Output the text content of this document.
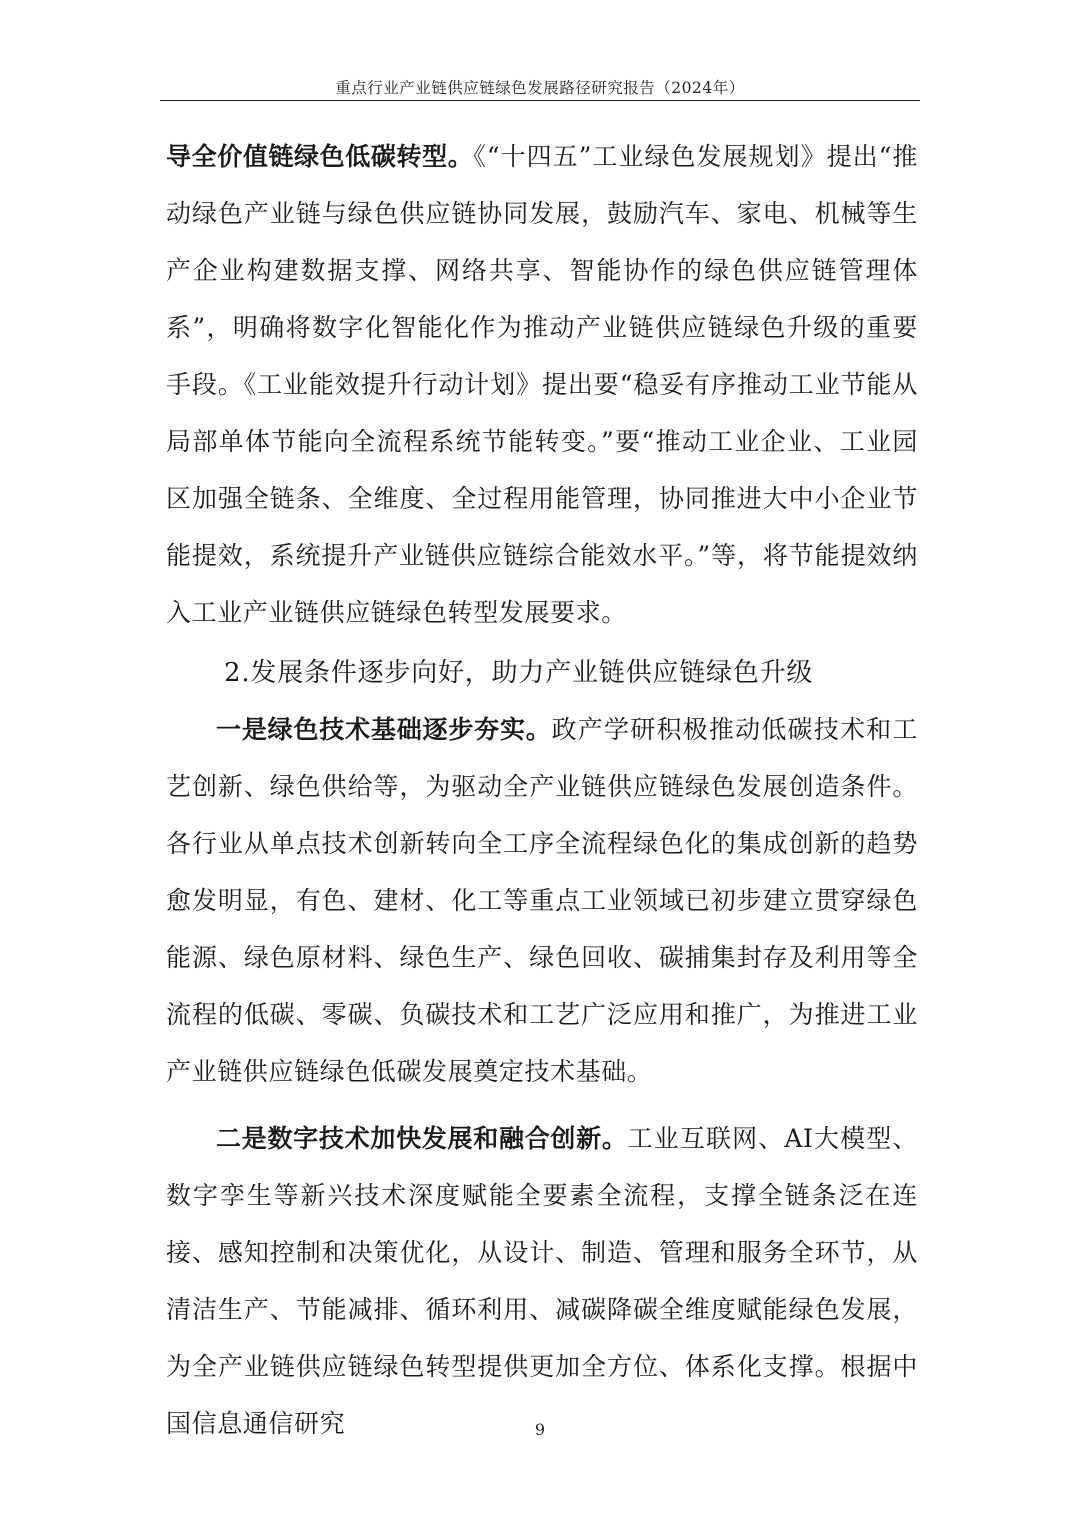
重点行业产业链供应链绿色发展路径研究报告（2024年）

导全价值链绿色低碳转型。《“十四五”工业绿色发展规划》提出“推动绿色产业链与绿色供应链协同发展，鼓励汽车、家电、机械等生产企业构建数据支撑、网络共享、智能协作的绿色供应链管理体系”，明确将数字化智能化作为推动产业链供应链绿色升级的重要手段。《工业能效提升行动计划》提出要“稳妥有序推动工业节能从局部单体节能向全流程系统节能转变。”要“推动工业企业、工业园区加强全链条、全维度、全过程用能管理，协同推进大中小企业节能提效，系统提升产业链供应链综合能效水平。”等，将节能提效纳入工业产业链供应链绿色转型发展要求。

2.发展条件逐步向好，助力产业链供应链绿色升级

一是绿色技术基础逐步夯实。政产学研积极推动低碳技术和工艺创新、绿色供给等，为驱动全产业链供应链绿色发展创造条件。各行业从单点技术创新转向全工序全流程绿色化的集成创新的趋势愈发明显，有色、建材、化工等重点工业领域已初步建立贯穿绿色能源、绿色原材料、绿色生产、绿色回收、碳捕集封存及利用等全流程的低碳、零碳、负碳技术和工艺广泛应用和推广，为推进工业产业链供应链绿色低碳发展奠定技术基础。

二是数字技术加快发展和融合创新。工业互联网、AI大模型、数字孪生等新兴技术深度赋能全要素全流程，支撑全链条泛在连接、感知控制和决策优化，从设计、制造、管理和服务全环节，从清洁生产、节能减排、循环利用、减碳降碳全维度赋能绿色发展，为全产业链供应链绿色转型提供更加全方位、体系化支撑。根据中国信息通信研究	9
